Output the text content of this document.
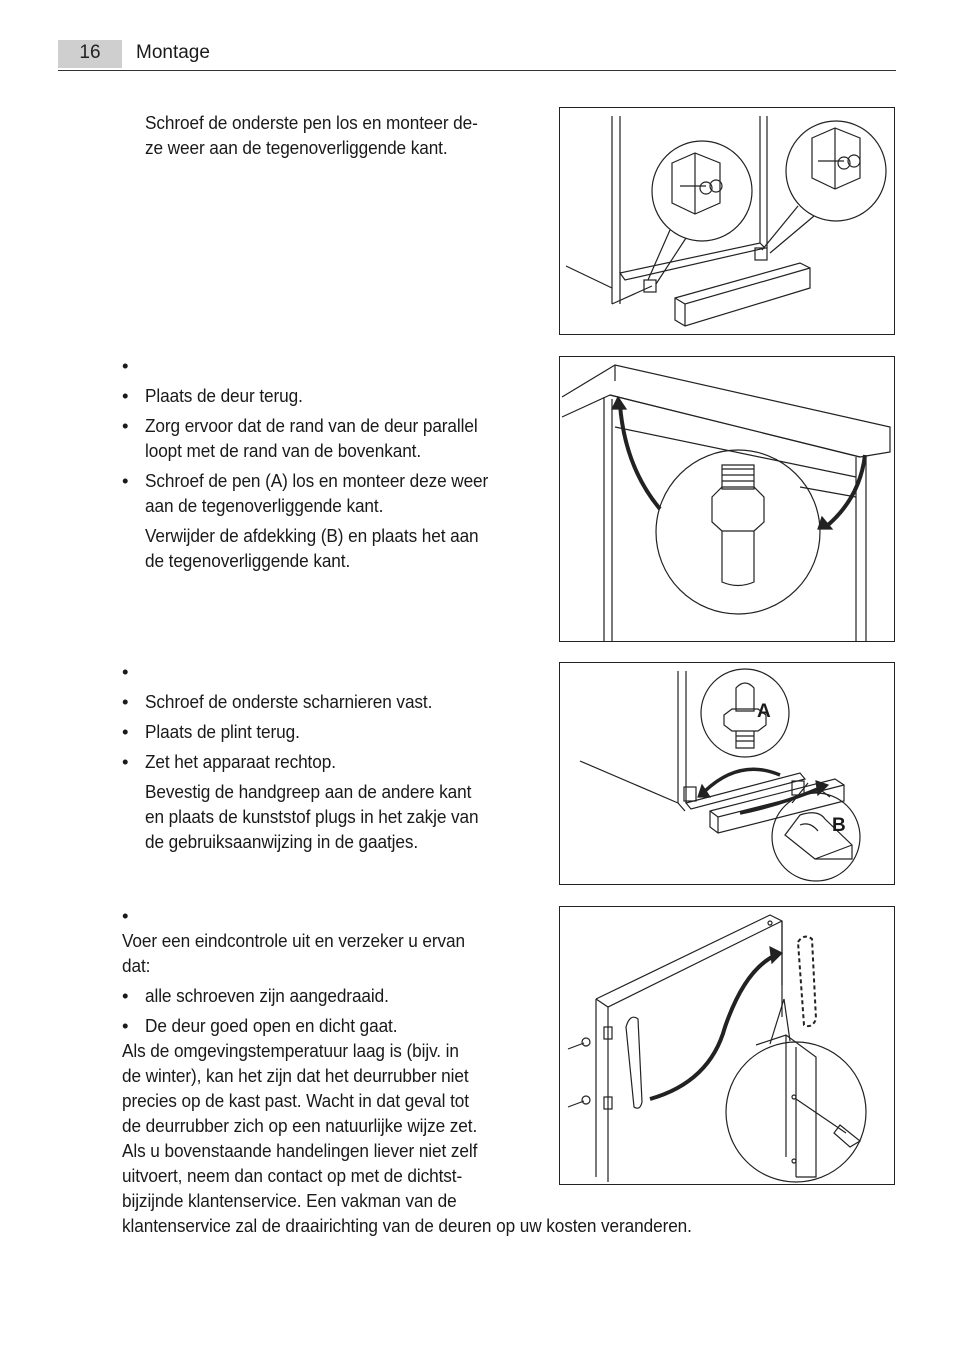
16	Montage

Schroef de onderste pen los en monteer de-

ze weer aan de tegenoverliggende kant.

•
• Plaats de deur terug.

• Zorg ervoor dat de rand van de deur parallel

loopt met de rand van de bovenkant.

• Schroef de pen (A) los en monteer deze weer

aan de tegenoverliggende kant.

Verwijder de afdekking (B) en plaats het aan

de tegenoverliggende kant.

•
• Schroef de onderste scharnieren vast.

• Plaats de plint terug.

• Zet het apparaat rechtop.

Bevestig de handgreep aan de andere kant

en plaats de kunststof plugs in het zakje van

de gebruiksaanwijzing in de gaatjes.

•

Voer een eindcontrole uit en verzeker u ervan

dat:

• alle schroeven zijn aangedraaid.

• De deur goed open en dicht gaat.

Als de omgevingstemperatuur laag is (bijv. in

de winter), kan het zijn dat het deurrubber niet

precies op de kast past. Wacht in dat geval tot

de deurrubber zich op een natuurlijke wijze zet.

Als u bovenstaande handelingen liever niet zelf

uitvoert, neem dan contact op met de dichtst-

bijzijnde klantenservice. Een vakman van de

klantenservice zal de draairichting van de deuren op uw kosten veranderen.

A
B
